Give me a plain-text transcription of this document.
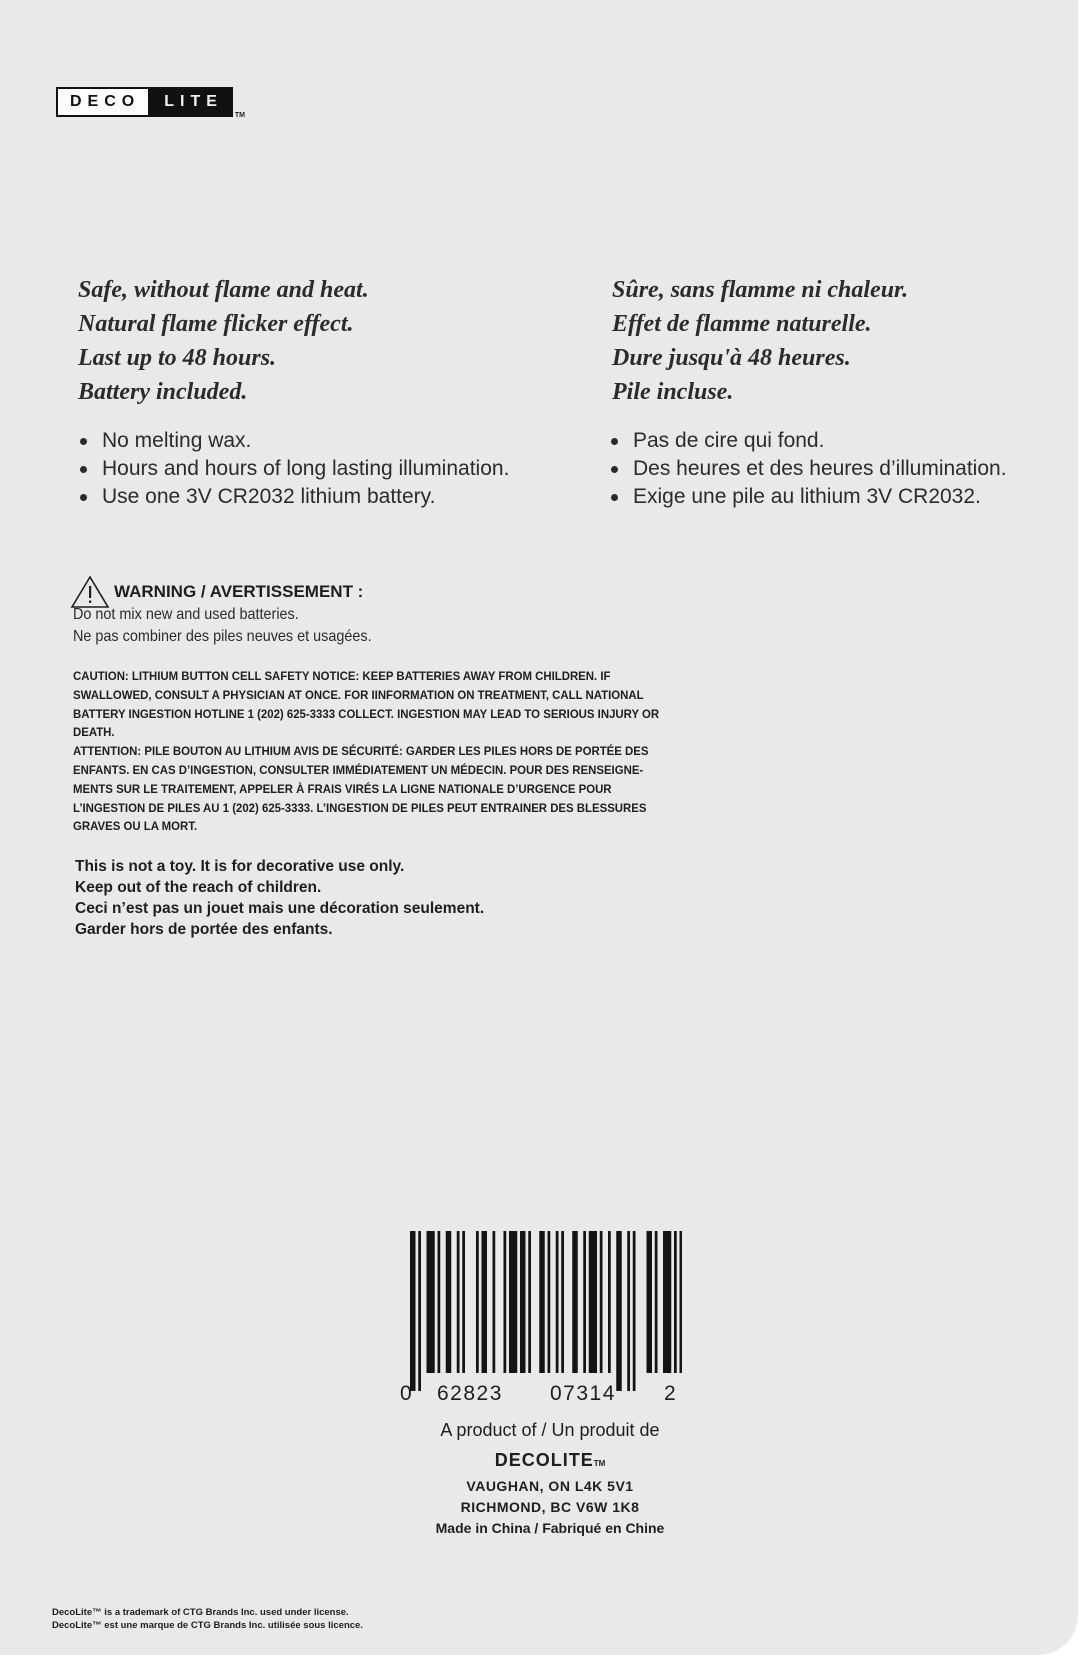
DECO	LITE
TM
Safe, without flame and heat.
Natural flame flicker effect.
Last up to 48 hours.
Battery included.
Sûre, sans flamme ni chaleur.
Effet de flamme naturelle.
Dure jusqu'à 48 heures.
Pile incluse.
No melting wax.
Hours and hours of long lasting illumination.
Use one 3V CR2032 lithium battery.
Pas de cire qui fond.
Des heures et des heures d’illumination.
Exige une pile au lithium 3V CR2032.
WARNING / AVERTISSEMENT :
Do not mix new and used batteries.
Ne pas combiner des piles neuves et usagées.
CAUTION: LITHIUM BUTTON CELL SAFETY NOTICE: KEEP BATTERIES AWAY FROM CHILDREN. IF
SWALLOWED, CONSULT A PHYSICIAN AT ONCE. FOR IINFORMATION ON TREATMENT, CALL NATIONAL
BATTERY INGESTION HOTLINE 1 (202) 625-3333 COLLECT. INGESTION MAY LEAD TO SERIOUS INJURY OR
DEATH.
ATTENTION: PILE BOUTON AU LITHIUM AVIS DE SÉCURITÉ: GARDER LES PILES HORS DE PORTÉE DES
ENFANTS. EN CAS D’INGESTION, CONSULTER IMMÉDIATEMENT UN MÉDECIN. POUR DES RENSEIGNE-
MENTS SUR LE TRAITEMENT, APPELER À FRAIS VIRÉS LA LIGNE NATIONALE D’URGENCE POUR
L’INGESTION DE PILES AU 1 (202) 625-3333. L’INGESTION DE PILES PEUT ENTRAINER DES BLESSURES
GRAVES OU LA MORT.
This is not a toy. It is for decorative use only.
Keep out of the reach of children.
Ceci n’est pas un jouet mais une décoration seulement.
Garder hors de portée des enfants.
0 62823 07314 2
A product of / Un produit de
DECOLITETM
VAUGHAN, ON L4K 5V1
RICHMOND, BC V6W 1K8
Made in China / Fabriqué en Chine
DecoLite™ is a trademark of CTG Brands Inc. used under license.
DecoLite™ est une marque de CTG Brands Inc. utilisée sous licence.
